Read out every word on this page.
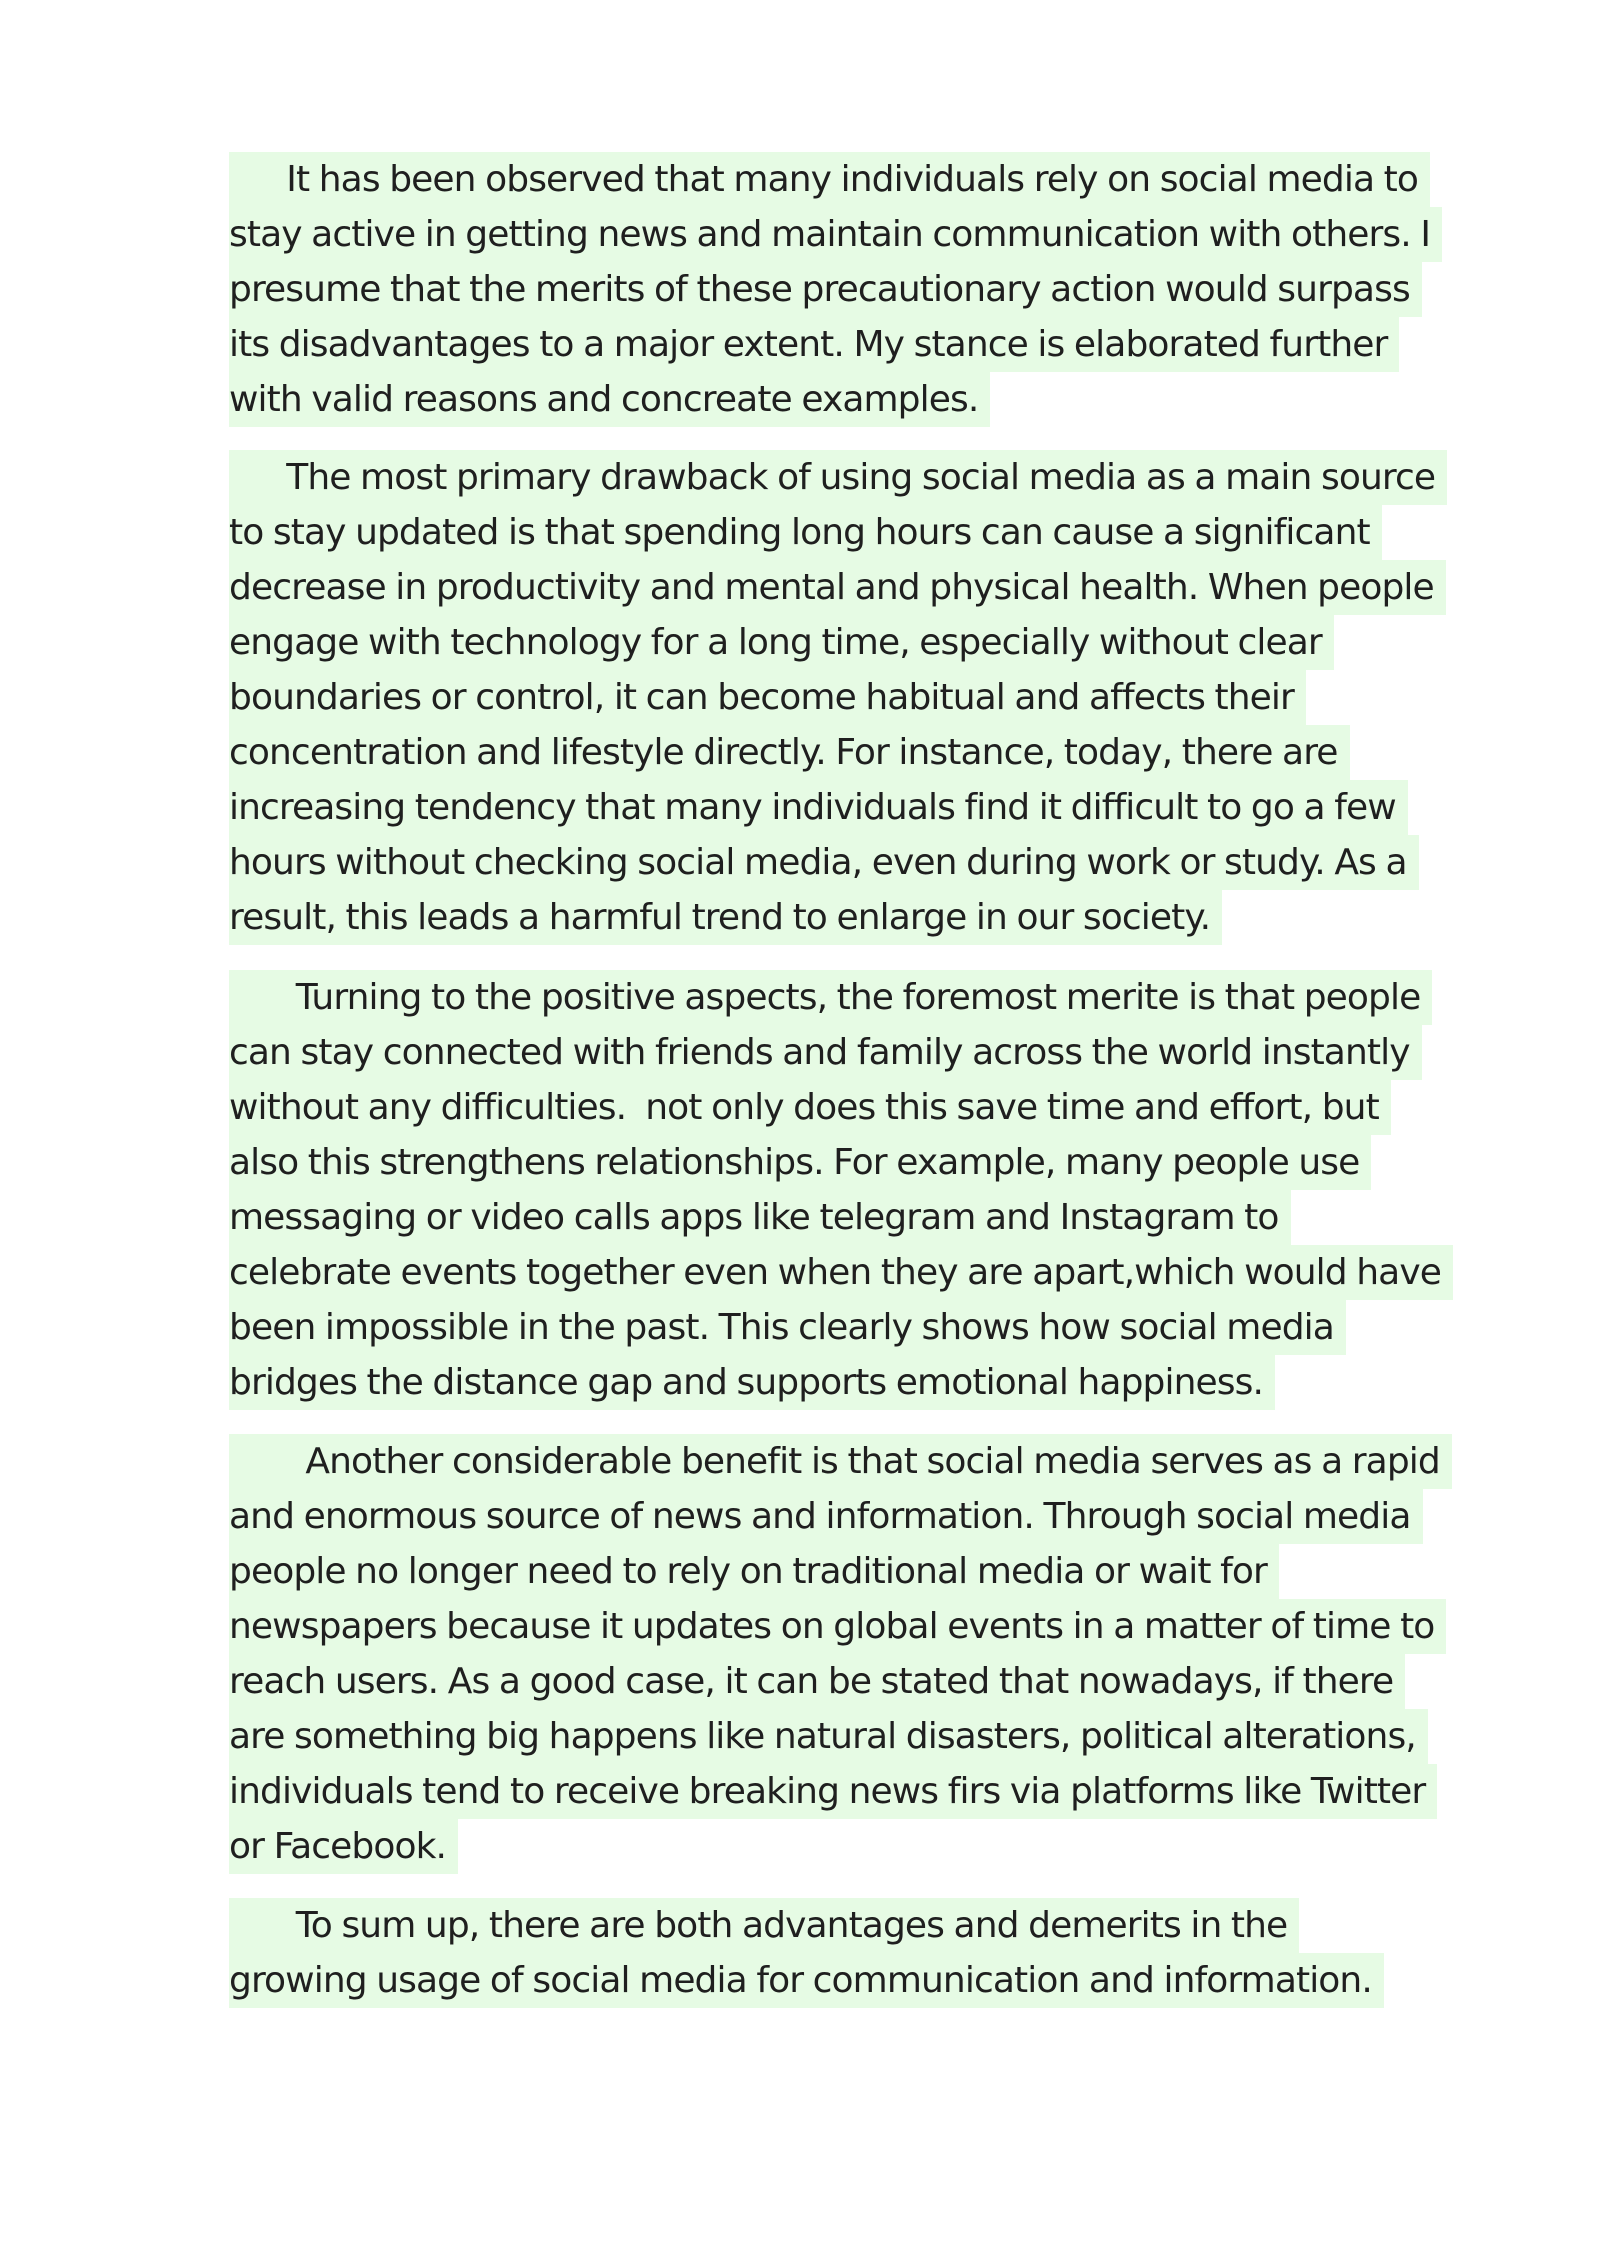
It has been observed that many individuals rely on social media to
stay active in getting news and maintain communication with others. I
presume that the merits of these precautionary action would surpass
its disadvantages to a major extent. My stance is elaborated further
with valid reasons and concreate examples.
The most primary drawback of using social media as a main source
to stay updated is that spending long hours can cause a significant
decrease in productivity and mental and physical health. When people
engage with technology for a long time, especially without clear
boundaries or control, it can become habitual and affects their
concentration and lifestyle directly. For instance, today, there are
increasing tendency that many individuals find it difficult to go a few
hours without checking social media, even during work or study. As a
result, this leads a harmful trend to enlarge in our society.
Turning to the positive aspects, the foremost merite is that people
can stay connected with friends and family across the world instantly
without any difficulties.  not only does this save time and effort, but
also this strengthens relationships. For example, many people use
messaging or video calls apps like telegram and Instagram to
celebrate events together even when they are apart,which would have
been impossible in the past. This clearly shows how social media
bridges the distance gap and supports emotional happiness.
Another considerable benefit is that social media serves as a rapid
and enormous source of news and information. Through social media
people no longer need to rely on traditional media or wait for
newspapers because it updates on global events in a matter of time to
reach users. As a good case, it can be stated that nowadays, if there
are something big happens like natural disasters, political alterations,
individuals tend to receive breaking news firs via platforms like Twitter
or Facebook.
To sum up, there are both advantages and demerits in the
growing usage of social media for communication and information.
